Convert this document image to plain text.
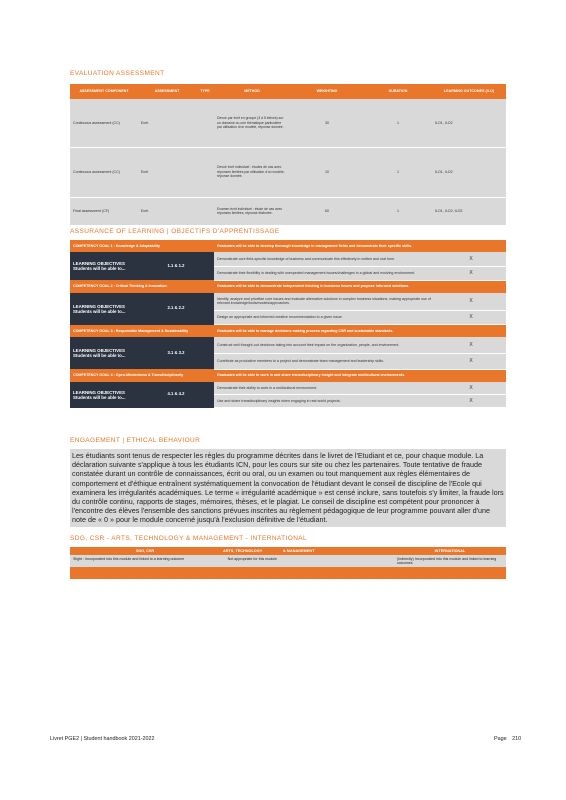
EVALUATION ASSESSMENT
ASSESSMENT COMPONENT	ASSESSMENT	TYPE	METHOD	WEIGHTING	DURATION	LEARNING OUTCOMES (ILO)
Continuous assessment (CC)	Ecrit		Devoir par écrit en groupe (3 à 5 élèves) sur un domaine ou une thématique particulière par utilisation d'un modèle, réponse donnée.	30	1	ILO1, ILO2
Continuous assessment (CC)	Ecrit		Devoir écrit individuel : études de cas avec réponses limitées par utilisation d'un modèle, réponse donnée.	10	1	ILO1, ILO2
Final assessment (CF)	Ecrit		Examen écrit individuel : étude de cas avec réponses limitées, réponse élaborée.	60	1	ILO1, ILO2, ILO3
ASSURANCE OF LEARNING | OBJECTIFS D'APPRENTISSAGE
COMPETENCY GOAL 1 : Knowledge & Adaptability		Graduates will be able to develop thorough knowledge in management fields and demonstrate their specific skills.	
LEARNING OBJECTIVES
Students will be able to...	1.1 & 1.2	Demonstrate core field-specific knowledge of business and communicate this effectively in written and oral form.	X
		Demonstrate their flexibility in dealing with unexpected management issues/challenges in a global and evolving environment.	X
COMPETENCY GOAL 2 : Critical Thinking & Innovation		Graduates will be able to demonstrate independent thinking in business issues and propose informed solutions.	
LEARNING OBJECTIVES
Students will be able to...	2.1 & 2.2	Identify, analyze and prioritize core issues and evaluate alternative solutions in complex business situations, making appropriate use of relevant knowledge/tools/models/approaches.	X
		Design an appropriate and informed creative recommendation to a given issue.	X
COMPETENCY GOAL 3 : Responsible Management & Sustainability		Graduates will be able to manage decisions making process regarding CSR and sustainable standards.	
LEARNING OBJECTIVES
Students will be able to...	3.1 & 3.2	Construct well thought-out decisions taking into account their impact on the organization, people, and environment.	X
		Contribute as productive members to a project and demonstrate team management and leadership skills.	X
COMPETENCY GOAL 4 : Open-Mindedness & Transdisciplinarity		Graduates will be able to work in and share transdisciplinary insight and integrate multicultural environments.	
LEARNING OBJECTIVES
Students will be able to...	4.1 & 4.2	Demonstrate their ability to work in a multicultural environment.	X
		Use and share transdisciplinary insights when engaging in real world projects.	X
ENGAGEMENT | ETHICAL BEHAVIOUR

Les étudiants sont tenus de respecter les règles du programme décrites dans le livret de l'Etudiant et ce, pour chaque module. La déclaration suivante s'applique à tous les étudiants ICN, pour les cours sur site ou chez les partenaires. Toute tentative de fraude constatée durant un contrôle de connaissances, écrit ou oral, ou un examen ou tout manquement aux règles élémentaires de comportement et d'éthique entraînent systématiquement la convocation de l'étudiant devant le conseil de discipline de l'Ecole qui examinera les irrégularités académiques. Le terme « irrégularité académique » est censé inclure, sans toutefois s'y limiter, la fraude lors du contrôle continu, rapports de stages, mémoires, thèses, et le plagiat. Le conseil de discipline est compétent pour prononcer à l'encontre des élèves l'ensemble des sanctions prévues inscrites au règlement pédagogique de leur programme pouvant aller d'une note de « 0 » pour le module concerné jusqu'à l'exclusion définitive de l'étudiant.

SDG, CSR - ARTS, TECHNOLOGY & MANAGEMENT - INTERNATIONAL
SDG, CSR	ARTS, TECHNOLOGY	& MANAGEMENT	INTERNATIONAL
Slight : Incorporated into this module and linked to a learning outcome	Not appropriate for this module		(Indirectly) Incorporated into this module and linked to learning outcomes
Livret PGE2 | Student handbook 2021-2022	Page 210
